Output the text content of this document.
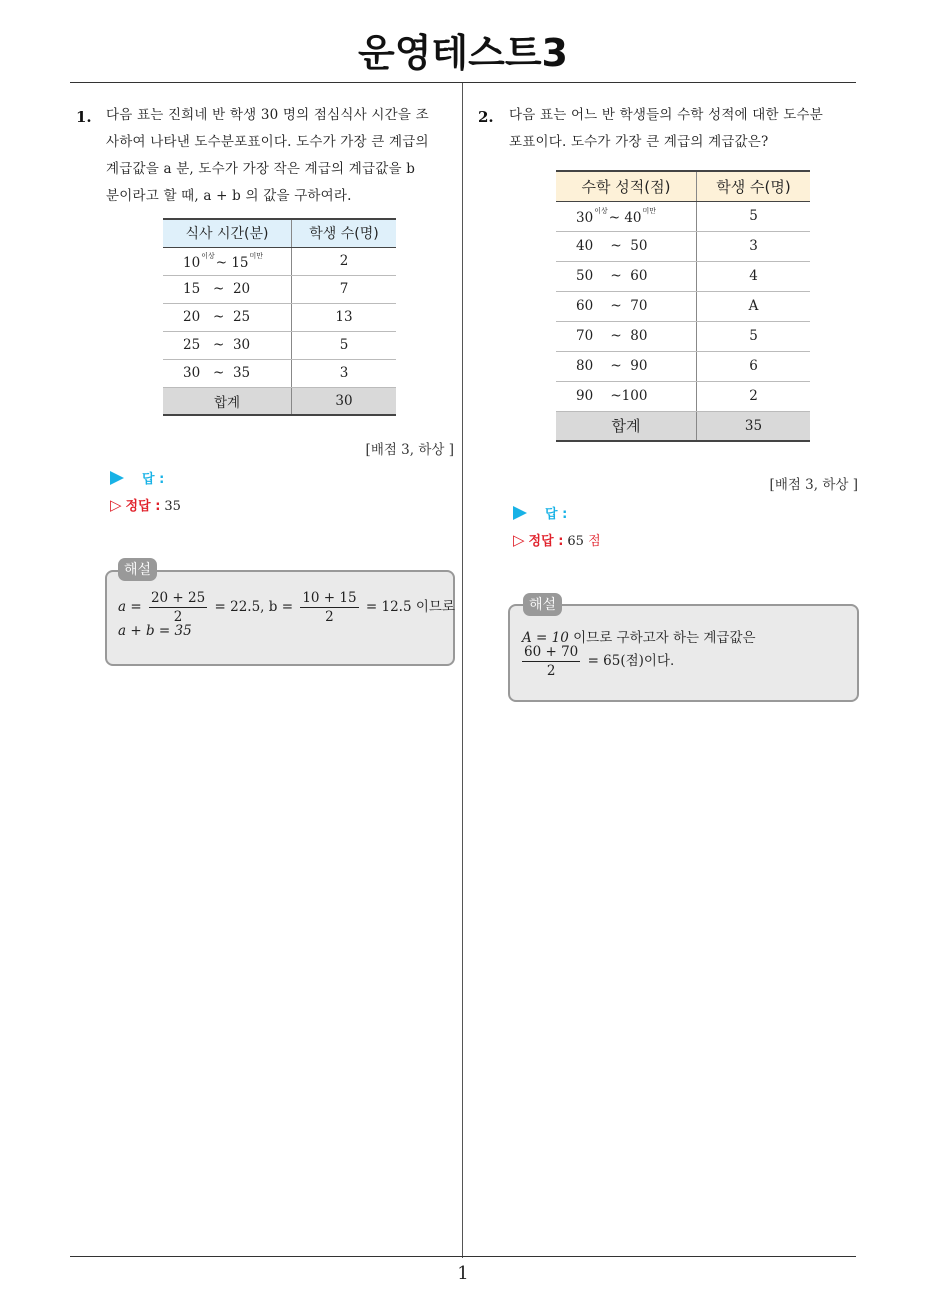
운영테스트3
1. 다음 표는 진희네 반 학생 30 명의 점심식사 시간을 조
사하여 나타낸 도수분포표이다. 도수가 가장 큰 계급의
계급값을 a 분, 도수가 가장 작은 계급의 계급값을 b
분이라고 할 때, a + b 의 값을 구하여라.
식사 시간(분)	학생 수(명)
$10^{이상}\sim$ $15^{미만}$	2
15   ~  20	7
20   ~  25	13
25   ~  30	5
30   ~  35	3
합계	30
[배점 3, 하상 ]
답 :
▷ 정답 : 35
해설
$a = \frac{20 + 25}{2} = 22.5$, $b = \frac{10 + 15}{2} = 12.5$ 이므로
a + b = 35
2. 다음 표는 어느 반 학생들의 수학 성적에 대한 도수분
포표이다. 도수가 가장 큰 계급의 계급값은?
수학 성적(점)	학생 수(명)
$30^{이상}\sim$ $40^{미만}$	5
40    ~  50	3
50    ~  60	4
60    ~  70	A
70    ~  80	5
80    ~  90	6
90    ~100	2
합계	35
[배점 3, 하상 ]
답 :
▷ 정답 : 65 점
해설
A = 10 이므로 구하고자 하는 계급값은
$\frac{60 + 70}{2} = 65$(점)이다.
1
